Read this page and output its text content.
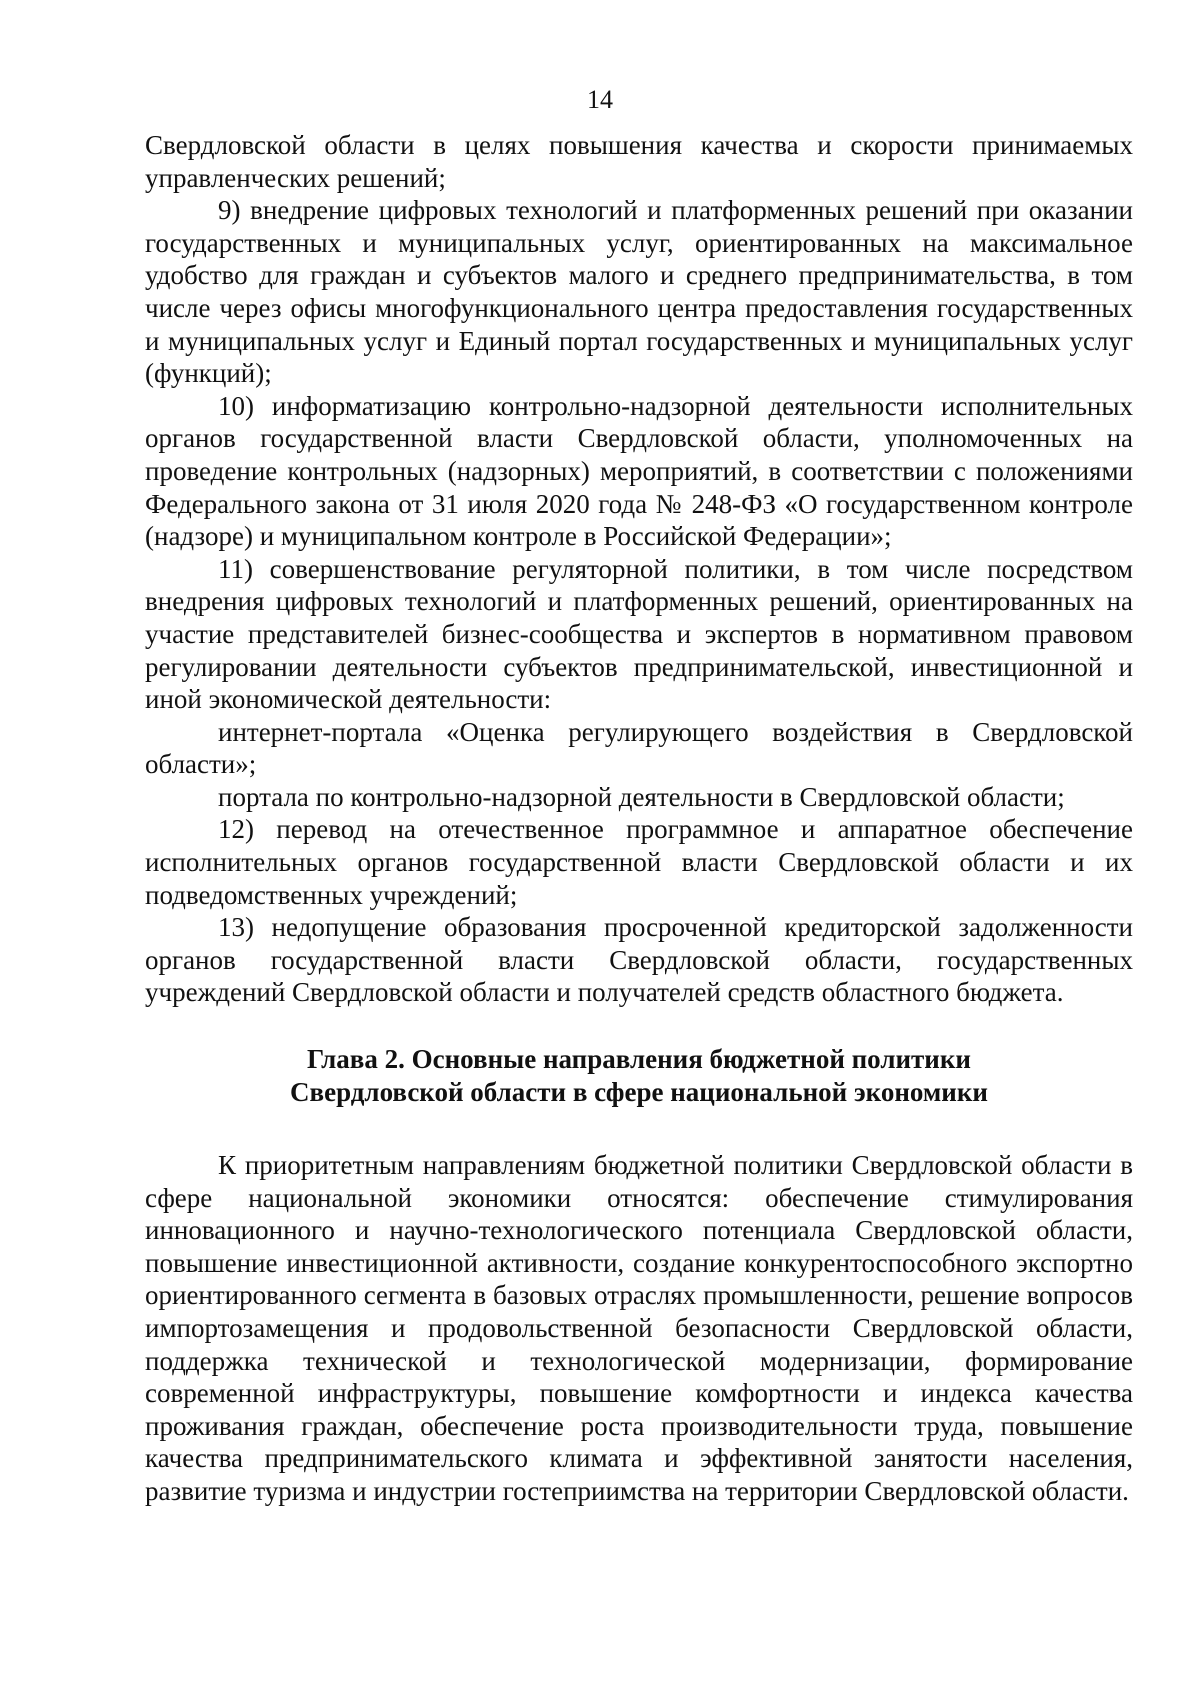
14

Свердловской области в целях повышения качества и скорости принимаемых управленческих решений;

9) внедрение цифровых технологий и платформенных решений при оказании государственных и муниципальных услуг, ориентированных на максимальное удобство для граждан и субъектов малого и среднего предпринимательства, в том числе через офисы многофункционального центра предоставления государственных и муниципальных услуг и Единый портал государственных и муниципальных услуг (функций);

10) информатизацию контрольно-надзорной деятельности исполнительных органов государственной власти Свердловской области, уполномоченных на проведение контрольных (надзорных) мероприятий, в соответствии с положениями Федерального закона от 31 июля 2020 года № 248-ФЗ «О государственном контроле (надзоре) и муниципальном контроле в Российской Федерации»;

11) совершенствование регуляторной политики, в том числе посредством внедрения цифровых технологий и платформенных решений, ориентированных на участие представителей бизнес-сообщества и экспертов в нормативном правовом регулировании деятельности субъектов предпринимательской, инвестиционной и иной экономической деятельности:

интернет-портала «Оценка регулирующего воздействия в Свердловской области»;

портала по контрольно-надзорной деятельности в Свердловской области;

12) перевод на отечественное программное и аппаратное обеспечение исполнительных органов государственной власти Свердловской области и их подведомственных учреждений;

13) недопущение образования просроченной кредиторской задолженности органов государственной власти Свердловской области, государственных учреждений Свердловской области и получателей средств областного бюджета.

Глава 2. Основные направления бюджетной политики
Свердловской области в сфере национальной экономики

К приоритетным направлениям бюджетной политики Свердловской области в сфере национальной экономики относятся: обеспечение стимулирования инновационного и научно-технологического потенциала Свердловской области, повышение инвестиционной активности, создание конкурентоспособного экспортно ориентированного сегмента в базовых отраслях промышленности, решение вопросов импортозамещения и продовольственной безопасности Свердловской области, поддержка технической и технологической модернизации, формирование современной инфраструктуры, повышение комфортности и индекса качества проживания граждан, обеспечение роста производительности труда, повышение качества предпринимательского климата и эффективной занятости населения, развитие туризма и индустрии гостеприимства на территории Свердловской области.
